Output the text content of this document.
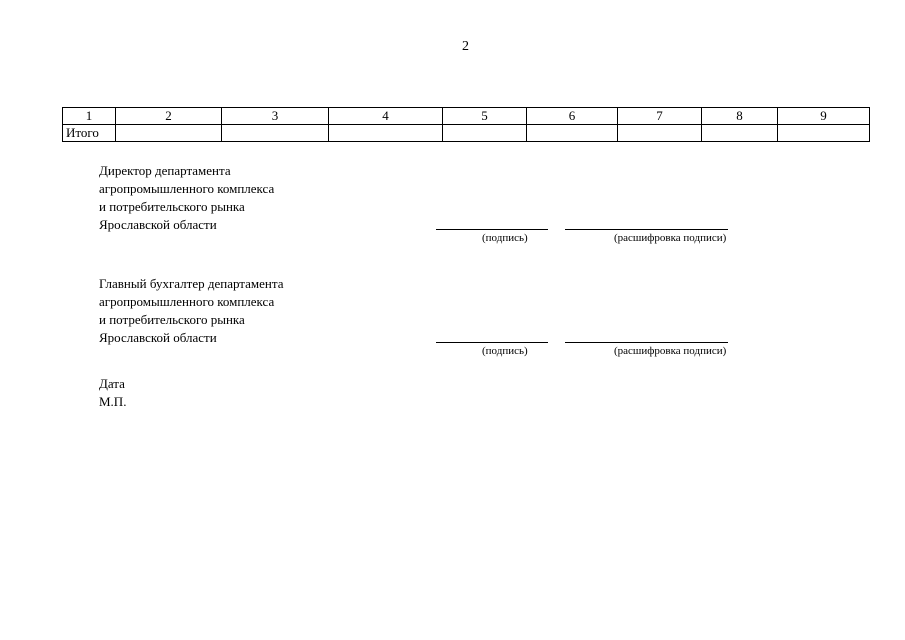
2
1	2	3	4	5	6	7	8	9
Итого								
Директор департамента
агропромышленного комплекса
и потребительского рынка
Ярославской области
(подпись)	(расшифровка подписи)
Главный бухгалтер департамента
агропромышленного комплекса
и потребительского рынка
Ярославской области
(подпись)	(расшифровка подписи)
Дата
М.П.
